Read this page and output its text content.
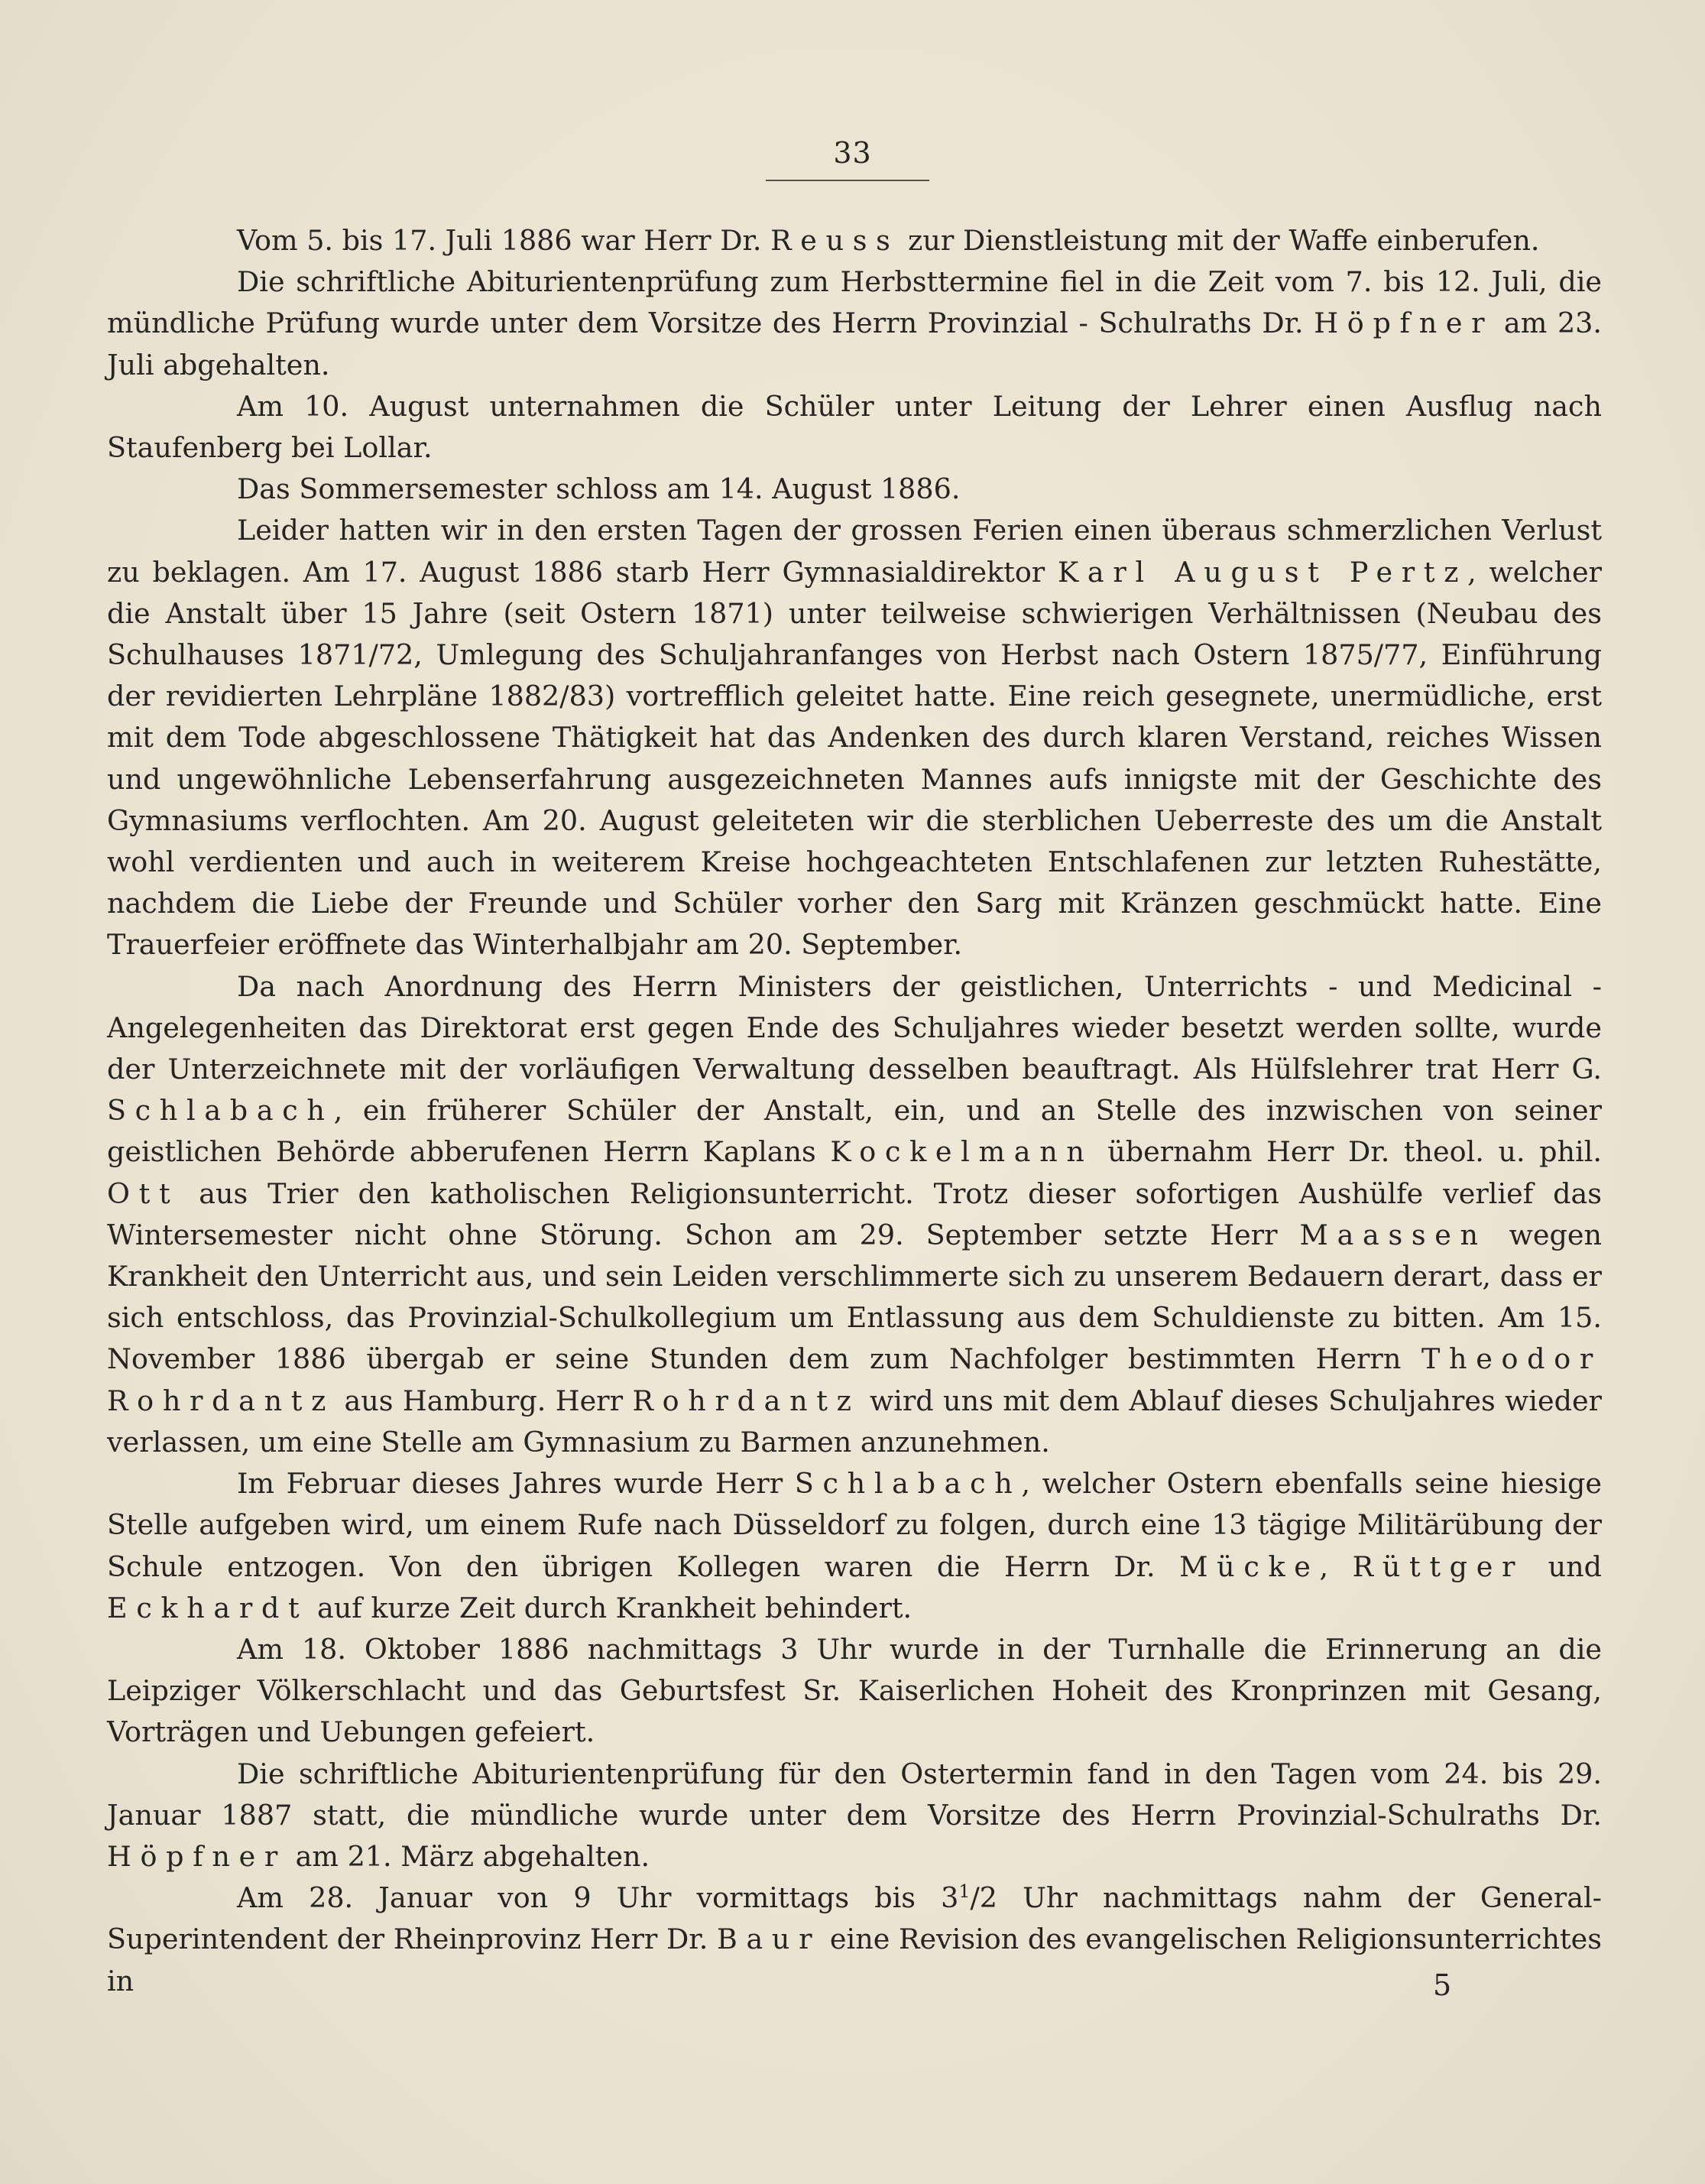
33

Vom 5. bis 17. Juli 1886 war Herr Dr. Reuss zur Dienstleistung mit der Waffe einberufen.

Die schriftliche Abiturientenprüfung zum Herbsttermine fiel in die Zeit vom 7. bis 12. Juli, die mündliche Prüfung wurde unter dem Vorsitze des Herrn Provinzial - Schulraths Dr. Höpfner am 23. Juli abgehalten.

Am 10. August unternahmen die Schüler unter Leitung der Lehrer einen Ausflug nach Staufenberg bei Lollar.

Das Sommersemester schloss am 14. August 1886.

Leider hatten wir in den ersten Tagen der grossen Ferien einen überaus schmerzlichen Verlust zu beklagen. Am 17. August 1886 starb Herr Gymnasialdirektor Karl August Pertz, welcher die Anstalt über 15 Jahre (seit Ostern 1871) unter teilweise schwierigen Verhältnissen (Neubau des Schulhauses 1871/72, Umlegung des Schuljahranfanges von Herbst nach Ostern 1875/77, Einführung der revidierten Lehrpläne 1882/83) vortrefflich geleitet hatte. Eine reich gesegnete, unermüdliche, erst mit dem Tode abgeschlossene Thätigkeit hat das Andenken des durch klaren Verstand, reiches Wissen und ungewöhnliche Lebenserfahrung ausgezeichneten Mannes aufs innigste mit der Geschichte des Gymnasiums verflochten. Am 20. August geleiteten wir die sterblichen Ueberreste des um die Anstalt wohl verdienten und auch in weiterem Kreise hochgeachteten Entschlafenen zur letzten Ruhestätte, nachdem die Liebe der Freunde und Schüler vorher den Sarg mit Kränzen geschmückt hatte. Eine Trauerfeier eröffnete das Winterhalbjahr am 20. September.

Da nach Anordnung des Herrn Ministers der geistlichen, Unterrichts - und Medicinal - Angelegenheiten das Direktorat erst gegen Ende des Schuljahres wieder besetzt werden sollte, wurde der Unterzeichnete mit der vorläufigen Verwaltung desselben beauftragt. Als Hülfslehrer trat Herr G. Schlabach, ein früherer Schüler der Anstalt, ein, und an Stelle des inzwischen von seiner geistlichen Behörde abberufenen Herrn Kaplans Kockelmann übernahm Herr Dr. theol. u. phil. Ott aus Trier den katholischen Religionsunterricht. Trotz dieser sofortigen Aushülfe verlief das Wintersemester nicht ohne Störung. Schon am 29. September setzte Herr Maassen wegen Krankheit den Unterricht aus, und sein Leiden verschlimmerte sich zu unserem Bedauern derart, dass er sich entschloss, das Provinzial-Schulkollegium um Entlassung aus dem Schuldienste zu bitten. Am 15. November 1886 übergab er seine Stunden dem zum Nachfolger bestimmten Herrn Theodor Rohrdantz aus Hamburg. Herr Rohrdantz wird uns mit dem Ablauf dieses Schuljahres wieder verlassen, um eine Stelle am Gymnasium zu Barmen anzunehmen.

Im Februar dieses Jahres wurde Herr Schlabach, welcher Ostern ebenfalls seine hiesige Stelle aufgeben wird, um einem Rufe nach Düsseldorf zu folgen, durch eine 13 tägige Militärübung der Schule entzogen. Von den übrigen Kollegen waren die Herrn Dr. Mücke, Rüttger und Eckhardt auf kurze Zeit durch Krankheit behindert.

Am 18. Oktober 1886 nachmittags 3 Uhr wurde in der Turnhalle die Erinnerung an die Leipziger Völkerschlacht und das Geburtsfest Sr. Kaiserlichen Hoheit des Kronprinzen mit Gesang, Vorträgen und Uebungen gefeiert.

Die schriftliche Abiturientenprüfung für den Ostertermin fand in den Tagen vom 24. bis 29. Januar 1887 statt, die mündliche wurde unter dem Vorsitze des Herrn Provinzial-Schulraths Dr. Höpfner am 21. März abgehalten.

Am 28. Januar von 9 Uhr vormittags bis $3^1/2$ Uhr nachmittags nahm der General-Superintendent der Rheinprovinz Herr Dr. Baur eine Revision des evangelischen Religionsunterrichtes in	5
